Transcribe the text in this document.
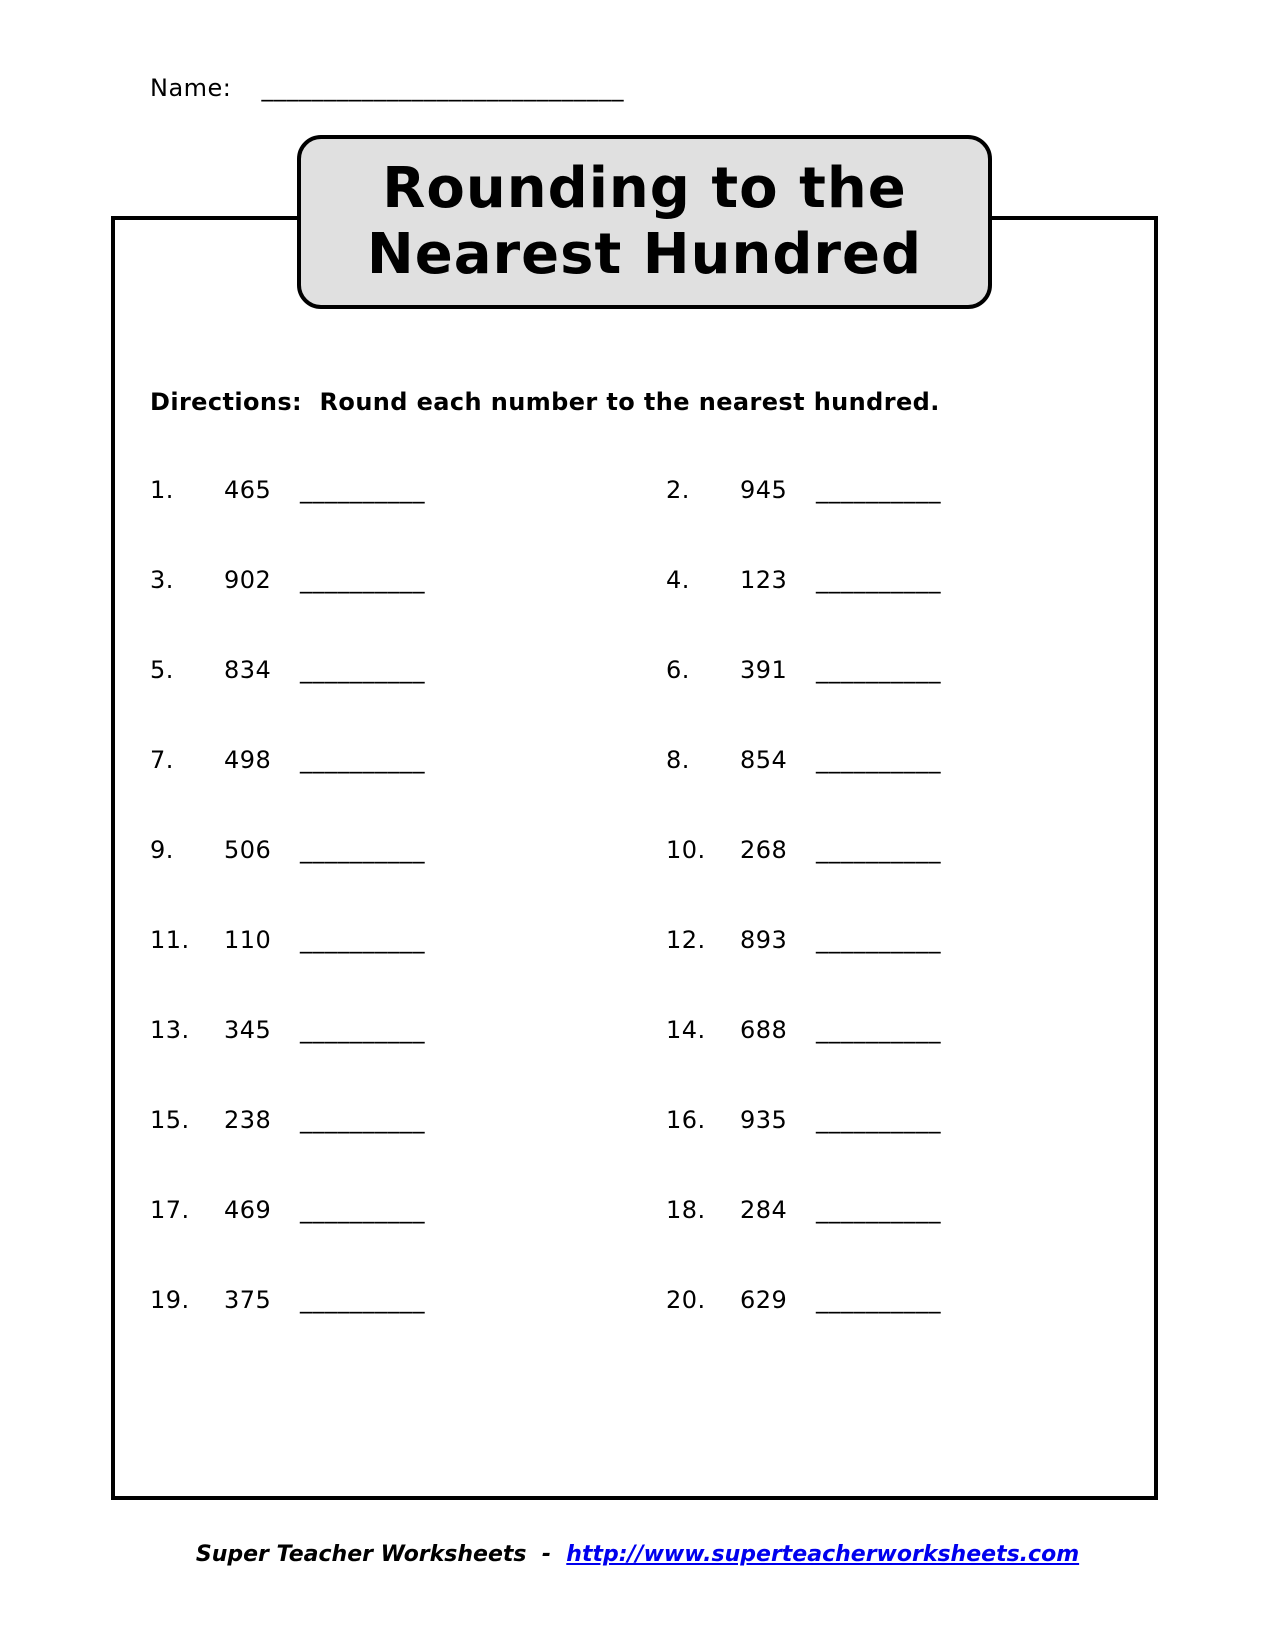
Name: _____________________________
Rounding to the
Nearest Hundred
Directions:  Round each number to the nearest hundred.
1. 465 __________	2. 945 __________
3. 902 __________	4. 123 __________
5. 834 __________	6. 391 __________
7. 498 __________	8. 854 __________
9. 506 __________	10. 268 __________
11. 110 __________	12. 893 __________
13. 345 __________	14. 688 __________
15. 238 __________	16. 935 __________
17. 469 __________	18. 284 __________
19. 375 __________	20. 629 __________
Super Teacher Worksheets  -  http://www.superteacherworksheets.com
